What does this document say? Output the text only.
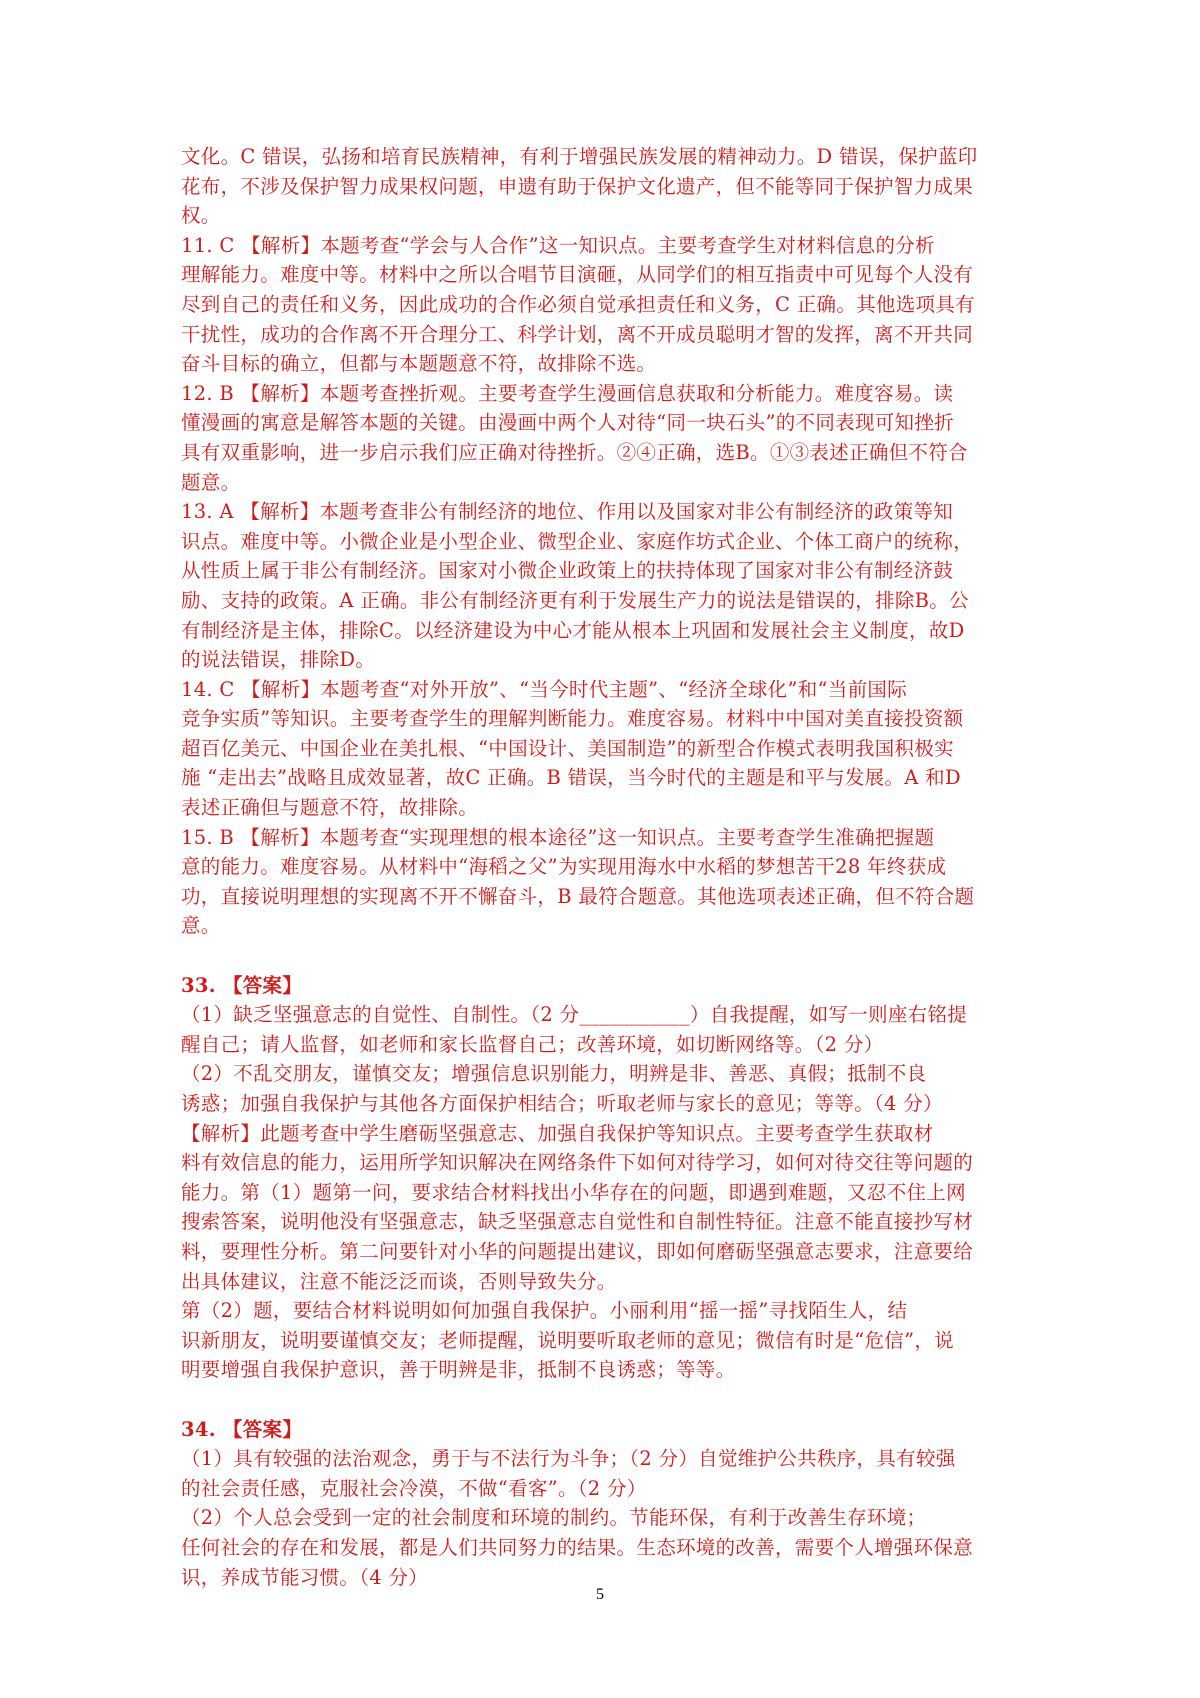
文化。C 错误，弘扬和培育民族精神，有利于增强民族发展的精神动力。D 错误，保护蓝印
花布，不涉及保护智力成果权问题，申遗有助于保护文化遗产，但不能等同于保护智力成果
权。
11. C 【解析】本题考查“学会与人合作”这一知识点。主要考查学生对材料信息的分析
理解能力。难度中等。材料中之所以合唱节目演砸，从同学们的相互指责中可见每个人没有
尽到自己的责任和义务，因此成功的合作必须自觉承担责任和义务，C 正确。其他选项具有
干扰性，成功的合作离不开合理分工、科学计划，离不开成员聪明才智的发挥，离不开共同
奋斗目标的确立，但都与本题题意不符，故排除不选。
12. B 【解析】本题考查挫折观。主要考查学生漫画信息获取和分析能力。难度容易。读
懂漫画的寓意是解答本题的关键。由漫画中两个人对待“同一块石头”的不同表现可知挫折
具有双重影响，进一步启示我们应正确对待挫折。②④正确，选B。①③表述正确但不符合
题意。
13. A 【解析】本题考查非公有制经济的地位、作用以及国家对非公有制经济的政策等知
识点。难度中等。小微企业是小型企业、微型企业、家庭作坊式企业、个体工商户的统称，
从性质上属于非公有制经济。国家对小微企业政策上的扶持体现了国家对非公有制经济鼓
励、支持的政策。A 正确。非公有制经济更有利于发展生产力的说法是错误的，排除B。公
有制经济是主体，排除C。以经济建设为中心才能从根本上巩固和发展社会主义制度，故D
的说法错误，排除D。
14. C 【解析】本题考查“对外开放”、“当今时代主题”、“经济全球化”和“当前国际
竞争实质”等知识。主要考查学生的理解判断能力。难度容易。材料中中国对美直接投资额
超百亿美元、中国企业在美扎根、“中国设计、美国制造”的新型合作模式表明我国积极实
施 “走出去”战略且成效显著，故C 正确。B 错误，当今时代的主题是和平与发展。A 和D
表述正确但与题意不符，故排除。
15. B 【解析】本题考查“实现理想的根本途径”这一知识点。主要考查学生准确把握题
意的能力。难度容易。从材料中“海稻之父”为实现用海水中水稻的梦想苦干28 年终获成
功，直接说明理想的实现离不开不懈奋斗，B 最符合题意。其他选项表述正确，但不符合题
意。
33. 【答案】
（1）缺乏坚强意志的自觉性、自制性。（2 分___________）自我提醒，如写一则座右铭提
醒自己；请人监督，如老师和家长监督自己；改善环境，如切断网络等。（2 分）
（2）不乱交朋友，谨慎交友；增强信息识别能力，明辨是非、善恶、真假；抵制不良
诱惑；加强自我保护与其他各方面保护相结合；听取老师与家长的意见；等等。（4 分）
【解析】此题考查中学生磨砺坚强意志、加强自我保护等知识点。主要考查学生获取材
料有效信息的能力，运用所学知识解决在网络条件下如何对待学习，如何对待交往等问题的
能力。第（1）题第一问，要求结合材料找出小华存在的问题，即遇到难题，又忍不住上网
搜索答案，说明他没有坚强意志，缺乏坚强意志自觉性和自制性特征。注意不能直接抄写材
料，要理性分析。第二问要针对小华的问题提出建议，即如何磨砺坚强意志要求，注意要给
出具体建议，注意不能泛泛而谈，否则导致失分。
第（2）题，要结合材料说明如何加强自我保护。小丽利用“摇一摇”寻找陌生人，结
识新朋友，说明要谨慎交友；老师提醒，说明要听取老师的意见；微信有时是“危信”，说
明要增强自我保护意识，善于明辨是非，抵制不良诱惑；等等。
34. 【答案】
（1）具有较强的法治观念，勇于与不法行为斗争；（2 分）自觉维护公共秩序，具有较强
的社会责任感，克服社会冷漠，不做“看客”。（2 分）
（2）个人总会受到一定的社会制度和环境的制约。节能环保，有利于改善生存环境；
任何社会的存在和发展，都是人们共同努力的结果。生态环境的改善，需要个人增强环保意
识，养成节能习惯。（4 分）
5
